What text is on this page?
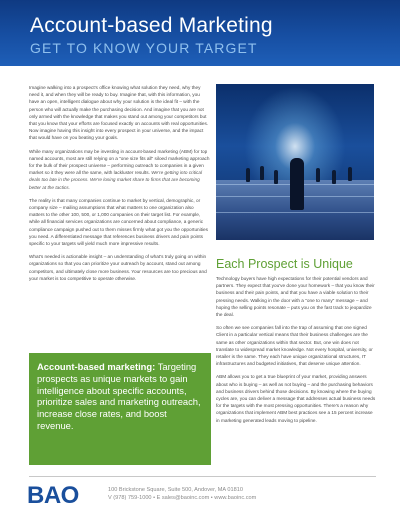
Account-based Marketing
GET TO KNOW YOUR TARGET

Imagine walking into a prospect's office knowing what solution they need, why they need it, and when they will be ready to buy. Imagine that, with this information, you have an open, intelligent dialogue about why your solution is the ideal fit – with the person who will actually make the purchasing decision. And imagine that you are not only armed with the knowledge that makes you stand out among your competitors but that you know that your efforts are focused exactly on accounts with real opportunities. Now imagine having this insight into every prospect in your universe, and the impact that would have on you beating your goals.

While many organizations may be investing in account-based marketing (ABM) for top named accounts, most are still relying on a "one size fits all" siloed marketing approach for the bulk of their prospect universe – performing outreach to companies in a given market so it they were all the same, with lackluster results. We're getting into critical deals too late in the process. We're losing market share to firms that are becoming better at the tactics.

The reality is that many companies continue to market by vertical, demographic, or company size – mailing assumptions that what matters to one organization also matters to the other 100, 500, or 1,000 companies on their target list. For example, while all financial services organizations are concerned about compliance, a generic compliance campaign pushed out to them misses firmly what got you the opportunities you need. A differentiated message that references business drivers and pain points specific to your targets will yield much more impressive results.

What's needed is actionable insight – an understanding of what's truly going on within organizations so that you can prioritize your outreach by account, stand out among competitors, and ultimately close more business. Your resources are too precious and your market is too competitive to operate otherwise.

Account-based marketing: Targeting prospects as unique markets to gain intelligence about specific accounts, prioritize sales and marketing outreach, increase close rates, and boost revenue.

Each Prospect is Unique

Technology buyers have high expectations for their potential vendors and partners. They expect that you've done your homework – that you know their business and their pain points, and that you have a viable solution to their pressing needs. Walking in the door with a "one to many" message – and hoping the selling points resonate – puts you on the fast track to jeopardize the deal.

So often we see companies fall into the trap of assuming that one signed Client in a particular vertical means that their business challenges are the same as other organizations within that sector. But, one win does not translate to widespread market knowledge. Not every hospital, university, or retailer is the same. They each have unique organizational structures, IT infrastructures and budgeted initiatives, that deserve unique attention.

ABM allows you to get a true blueprint of your market, providing answers about who is buying – as well as not buying – and the purchasing behaviors and business drivers behind those decisions. By knowing where the buying cycles are, you can deliver a message that addresses actual business needs for the targets with the most pressing opportunities. There's a reason why organizations that implement ABM best practices see a 15 percent increase in marketing generated leads moving to pipeline.

BAO	100 Brickstone Square, Suite 500, Andover, MA 01810
V (978) 759-1000 • E sales@baoinc.com • www.baoinc.com
